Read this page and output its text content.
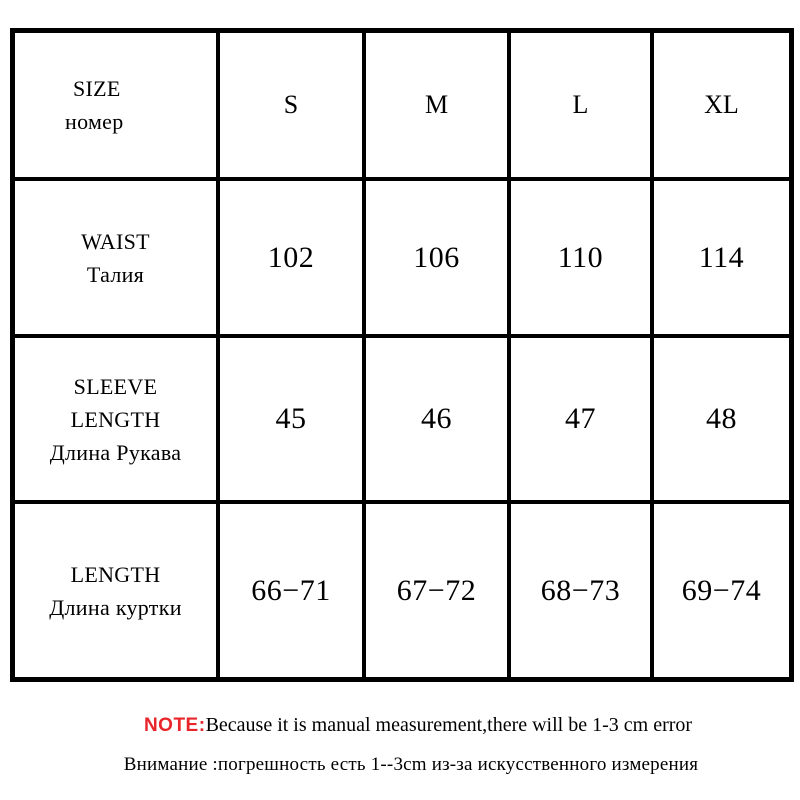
SIZE
номер	S	M	L	XL

WAIST
Талия	102	106	110	114

SLEEVE
LENGTH
Длина Рукава	45	46	47	48

LENGTH
Длина куртки	66−71	67−72	68−73	69−74
NOTE:Because it is manual measurement,there will be 1-3 cm error
Внимание :погрешность есть 1--3cm из-за искусственного измерения
